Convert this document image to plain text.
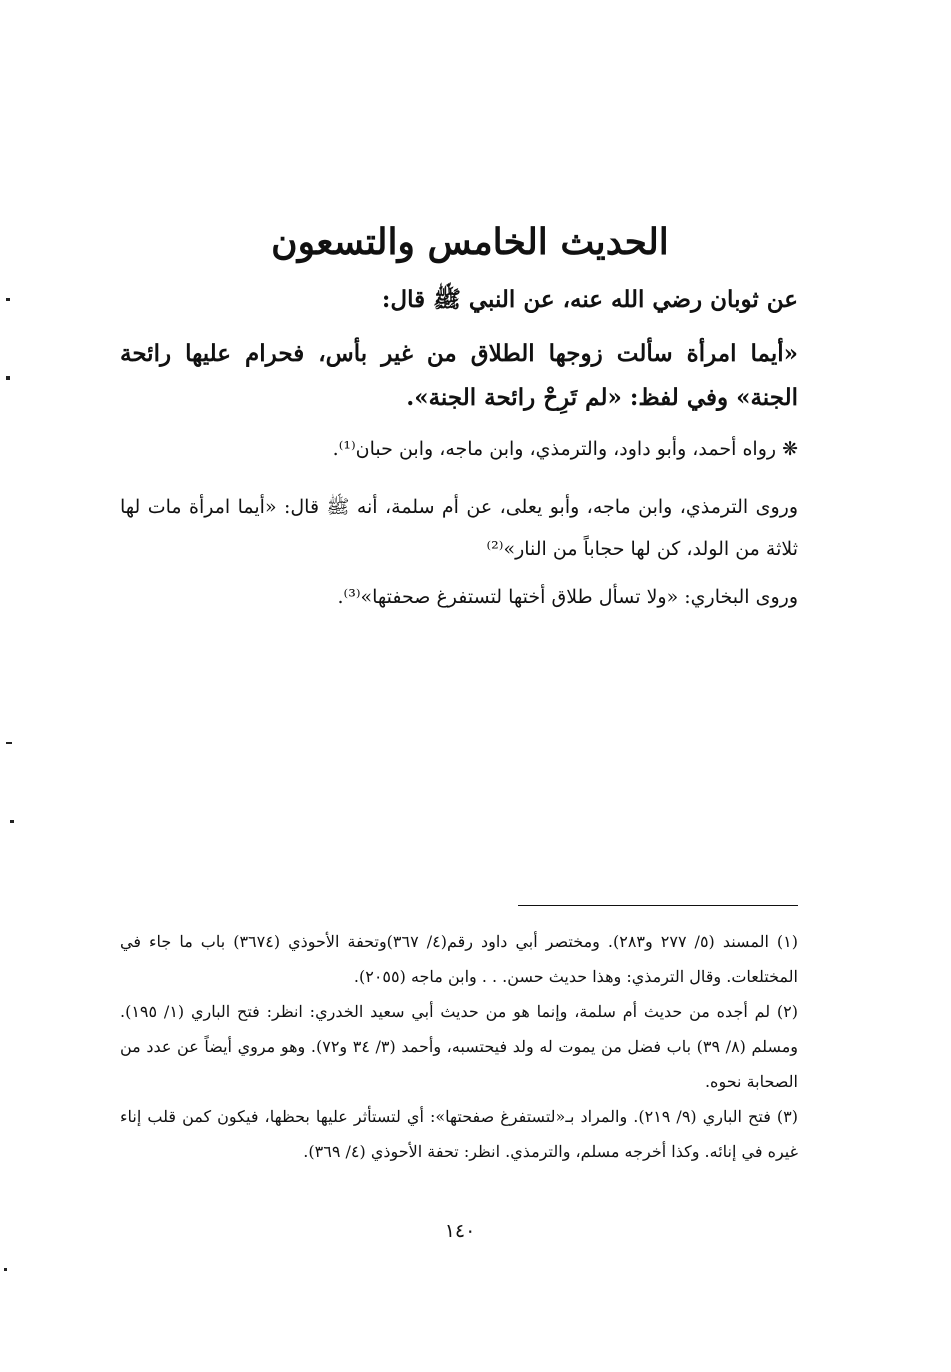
الحديث الخامس والتسعون
عن ثوبان رضي الله عنه، عن النبي ﷺ قال:
«أيما امرأة سألت زوجها الطلاق من غير بأس، فحرام عليها رائحة الجنة» وفي لفظ: «لم تَرِحْ رائحة الجنة».
❋ رواه أحمد، وأبو داود، والترمذي، وابن ماجه، وابن حبان⁽¹⁾.
وروى الترمذي، وابن ماجه، وأبو يعلى، عن أم سلمة، أنه ﷺ قال: «أيما امرأة مات لها ثلاثة من الولد، كن لها حجاباً من النار»⁽²⁾
وروى البخاري: «ولا تسأل طلاق أختها لتستفرغ صحفتها»⁽³⁾.

(١) المسند (٥/ ٢٧٧ و٢٨٣). ومختصر أبي داود رقم(٤/ ٣٦٧)وتحفة الأحوذي (٣٦٧٤) باب ما جاء في المختلعات. وقال الترمذي: وهذا حديث حسن. . . وابن ماجه (٢٠٥٥).

(٢) لم أجده من حديث أم سلمة، وإنما هو من حديث أبي سعيد الخدري: انظر: فتح الباري (١/ ١٩٥). ومسلم (٨/ ٣٩) باب فضل من يموت له ولد فيحتسبه، وأحمد (٣/ ٣٤ و٧٢). وهو مروي أيضاً عن عدد من الصحابة نحوه.

(٣) فتح الباري (٩/ ٢١٩). والمراد بـ«لتستفرغ صفحتها»: أي لتستأثر عليها بحظها، فيكون كمن قلب إناء غيره في إنائه. وكذا أخرجه مسلم، والترمذي. انظر: تحفة الأحوذي (٤/ ٣٦٩).

١٤٠
